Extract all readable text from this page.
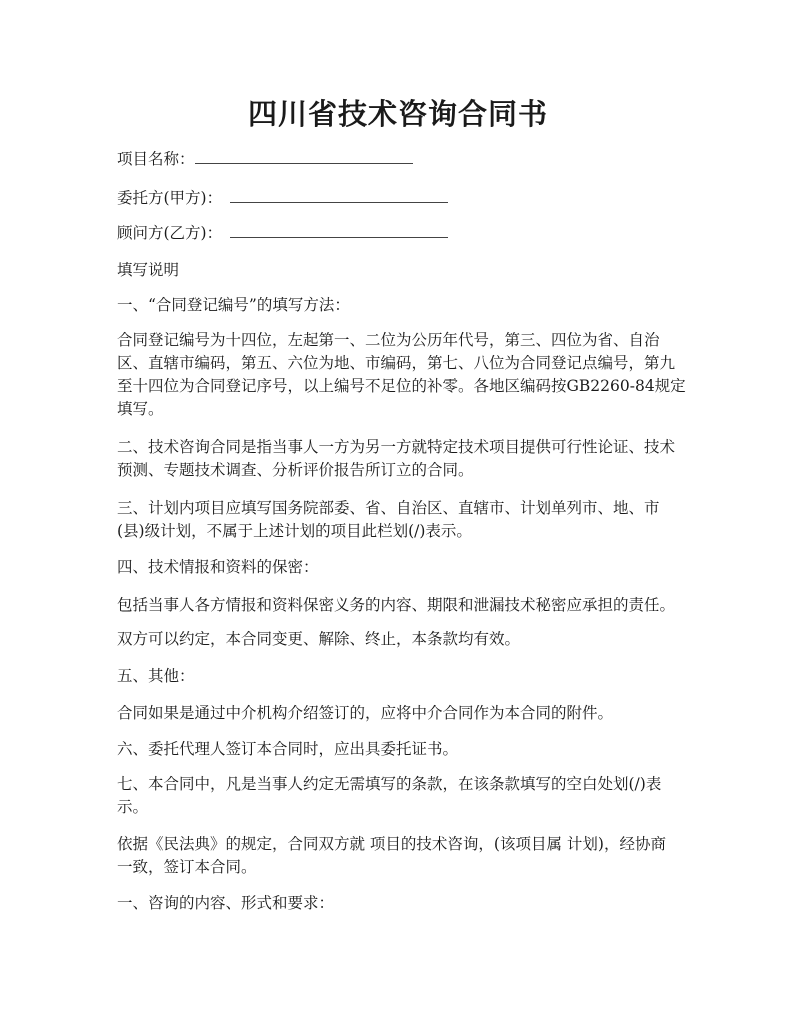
四川省技术咨询合同书
项目名称：
委托方(甲方)：
顾问方(乙方)：
填写说明
一、“合同登记编号”的填写方法：
合同登记编号为十四位，左起第一、二位为公历年代号，第三、四位为省、自治
区、直辖市编码，第五、六位为地、市编码，第七、八位为合同登记点编号，第九
至十四位为合同登记序号，以上编号不足位的补零。各地区编码按GB2260-84规定
填写。
二、技术咨询合同是指当事人一方为另一方就特定技术项目提供可行性论证、技术
预测、专题技术调查、分析评价报告所订立的合同。
三、计划内项目应填写国务院部委、省、自治区、直辖市、计划单列市、地、市
(县)级计划，不属于上述计划的项目此栏划(/)表示。
四、技术情报和资料的保密：
包括当事人各方情报和资料保密义务的内容、期限和泄漏技术秘密应承担的责任。
双方可以约定，本合同变更、解除、终止，本条款均有效。
五、其他：
合同如果是通过中介机构介绍签订的，应将中介合同作为本合同的附件。
六、委托代理人签订本合同时，应出具委托证书。
七、本合同中，凡是当事人约定无需填写的条款，在该条款填写的空白处划(/)表
示。
依据《民法典》的规定，合同双方就 项目的技术咨询，(该项目属 计划)，经协商
一致，签订本合同。
一、咨询的内容、形式和要求：
